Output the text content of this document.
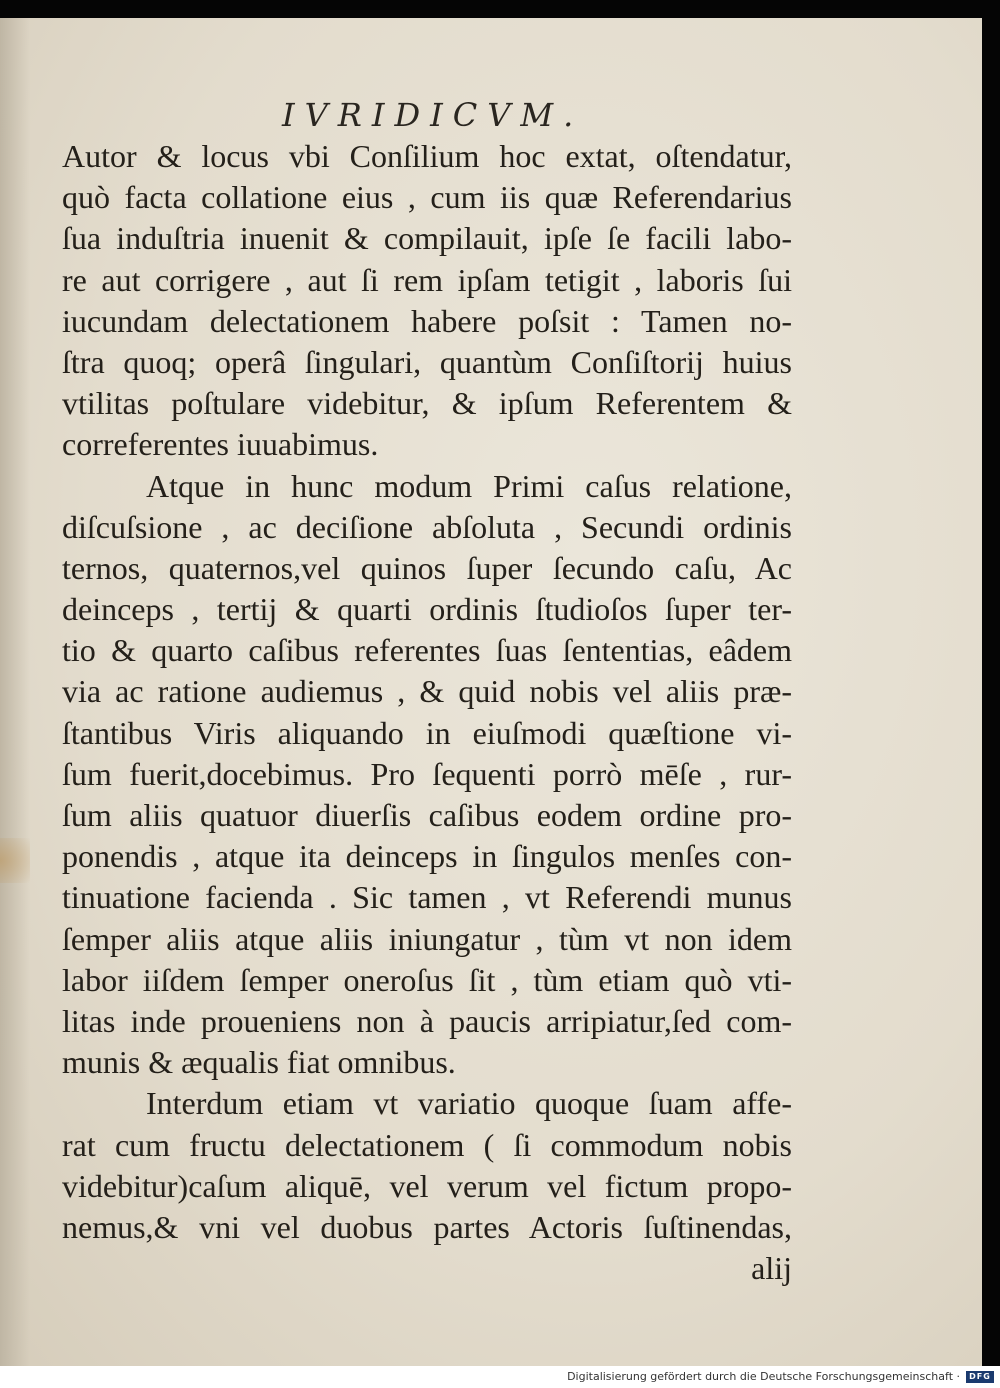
IVRIDICVM.
Autor & locus vbi Conſilium hoc extat, oſtendatur,
quò facta collatione eius , cum iis quæ Referendarius
ſua induſtria inuenit & compilauit, ipſe ſe facili labo-
re aut corrigere , aut ſi rem ipſam tetigit , laboris ſui
iucundam delectationem habere poſsit : Tamen no-
ſtra quoq; operâ ſingulari, quantùm Conſiſtorij huius
vtilitas poſtulare videbitur, & ipſum Referentem &
correferentes iuuabimus.
Atque in hunc modum Primi caſus relatione,
diſcuſsione , ac deciſione abſoluta , Secundi ordinis
ternos, quaternos,vel quinos ſuper ſecundo caſu, Ac
deinceps , tertij & quarti ordinis ſtudioſos ſuper ter-
tio & quarto caſibus referentes ſuas ſententias, eâdem
via ac ratione audiemus , & quid nobis vel aliis præ-
ſtantibus Viris aliquando in eiuſmodi quæſtione vi-
ſum fuerit,docebimus. Pro ſequenti porrò mēſe , rur-
ſum aliis quatuor diuerſis caſibus eodem ordine pro-
ponendis , atque ita deinceps in ſingulos menſes con-
tinuatione facienda . Sic tamen , vt Referendi munus
ſemper aliis atque aliis iniungatur , tùm vt non idem
labor iiſdem ſemper oneroſus ſit , tùm etiam quò vti-
litas inde proueniens non à paucis arripiatur,ſed com-
munis & æqualis fiat omnibus.
Interdum etiam vt variatio quoque ſuam affe-
rat cum fructu delectationem ( ſi commodum nobis
videbitur)caſum aliquē, vel verum vel fictum propo-
nemus,& vni vel duobus partes Actoris ſuſtinendas,
alij
Digitalisierung gefördert durch die Deutsche Forschungsgemeinschaft ·	DFG
